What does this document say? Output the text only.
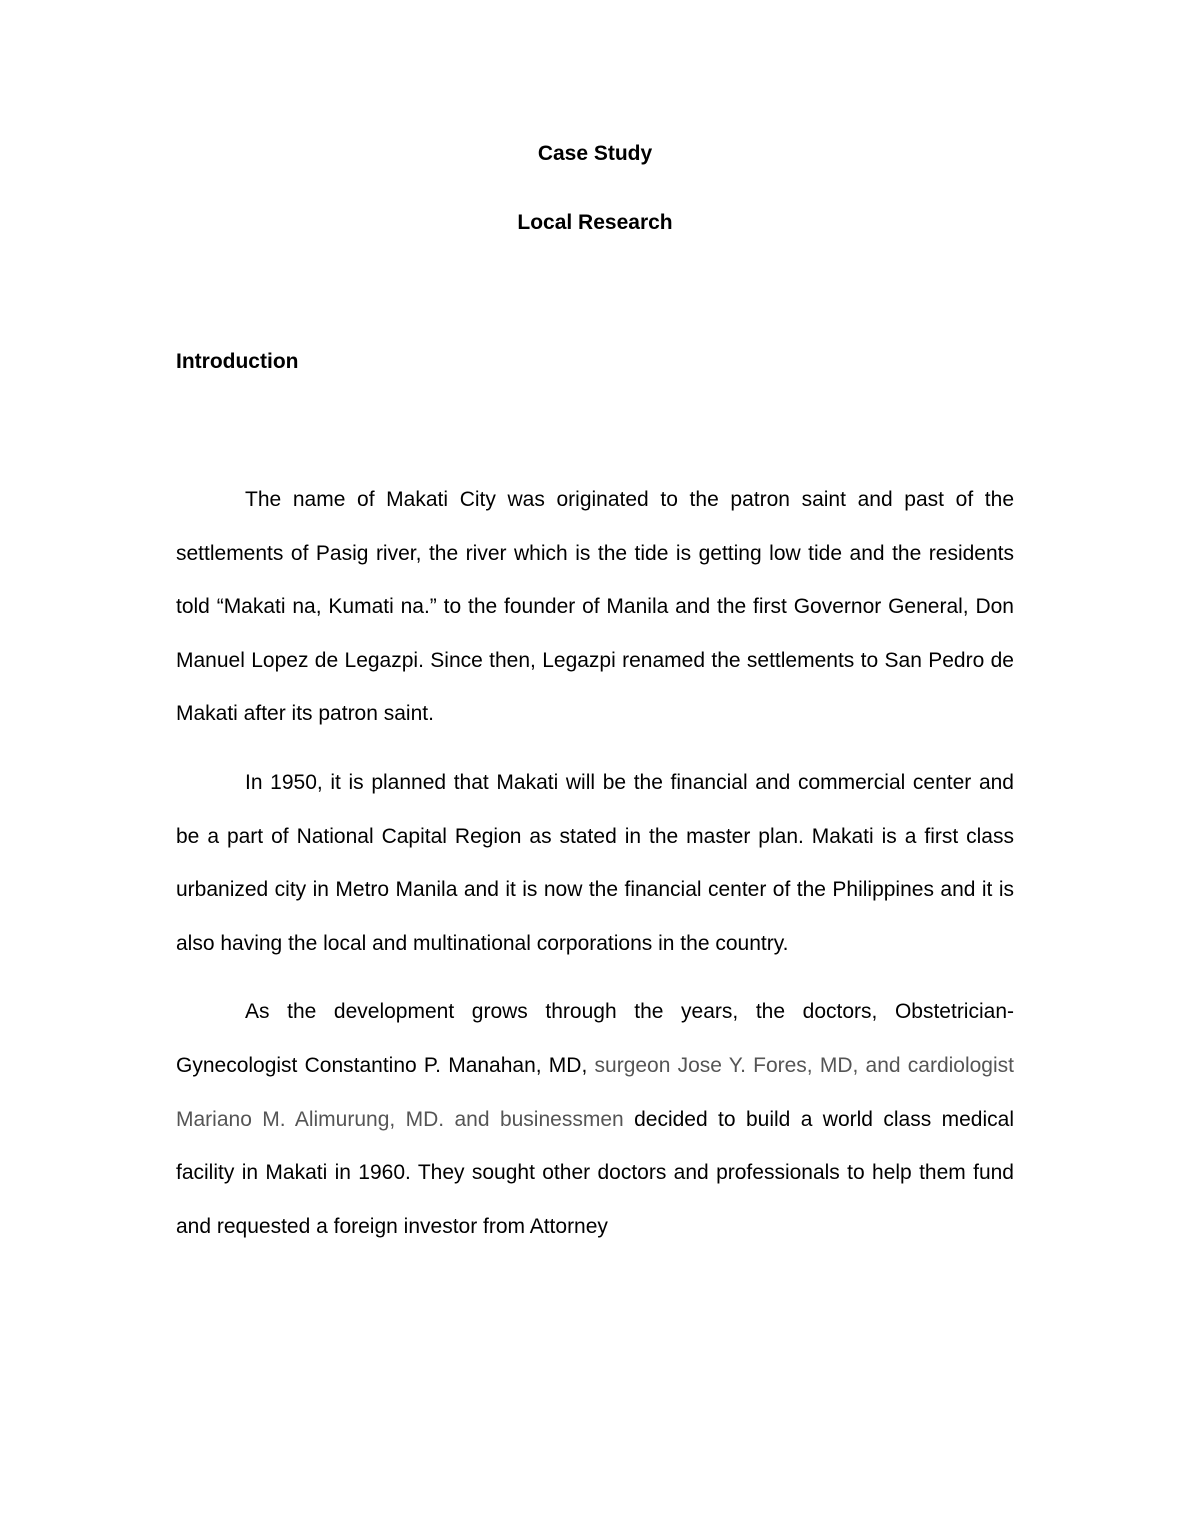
Case Study
Local Research
Introduction

The name of Makati City was originated to the patron saint and past of the settlements of Pasig river, the river which is the tide is getting low tide and the residents told “Makati na, Kumati na.” to the founder of Manila and the first Governor General, Don Manuel Lopez de Legazpi. Since then, Legazpi renamed the settlements to San Pedro de Makati after its patron saint.

In 1950, it is planned that Makati will be the financial and commercial center and be a part of National Capital Region as stated in the master plan. Makati is a first class urbanized city in Metro Manila and it is now the financial center of the Philippines and it is also having the local and multinational corporations in the country.

As the development grows through the years, the doctors, Obstetrician-Gynecologist Constantino P. Manahan, MD, surgeon Jose Y. Fores, MD, and cardiologist Mariano M. Alimurung, MD. and businessmen decided to build a world class medical facility in Makati in 1960. They sought other doctors and professionals to help them fund and requested a foreign investor from Attorney
